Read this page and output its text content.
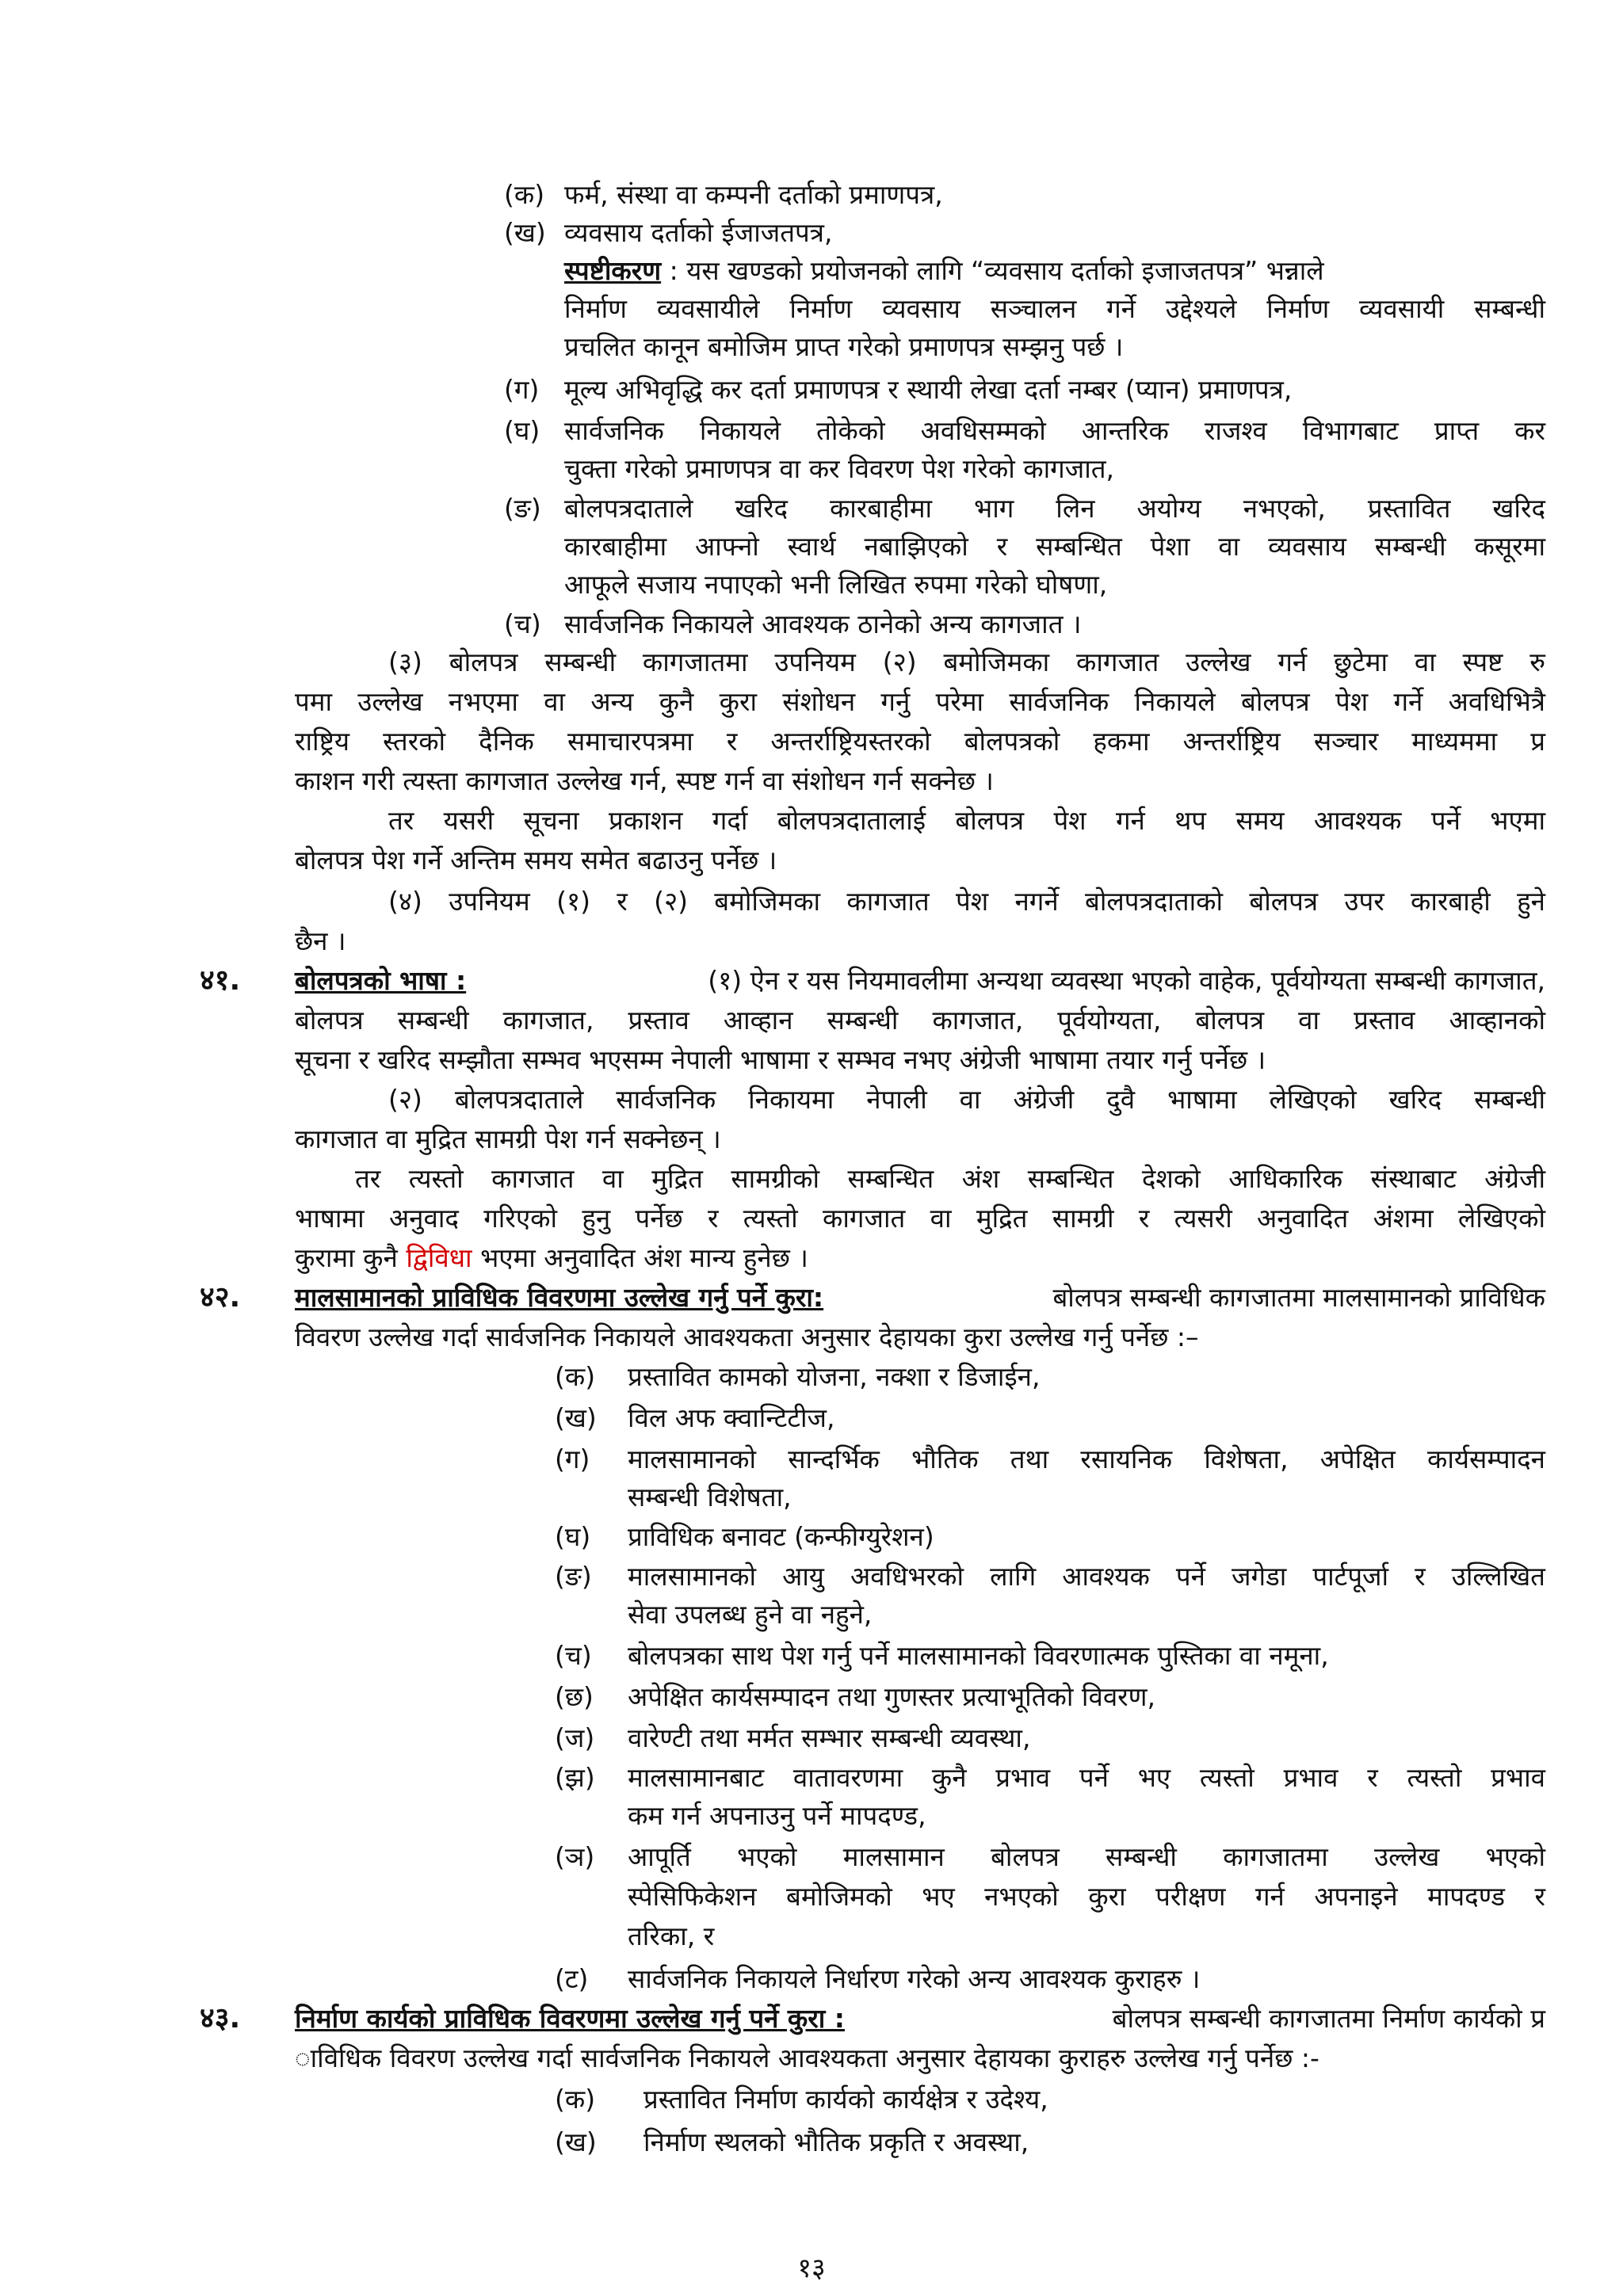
(क) फर्म, संस्था वा कम्पनी दर्ताको प्रमाणपत्र,
(ख) व्यवसाय दर्ताको ईजाजतपत्र,
स्पष्टीकरण : यस खण्डको प्रयोजनको लागि “व्यवसाय दर्ताको इजाजतपत्र” भन्नाले
निर्माण व्यवसायीले निर्माण व्यवसाय सञ्चालन गर्ने उद्देश्यले निर्माण व्यवसायी सम्बन्धी
प्रचलित कानून बमोजिम प्राप्त गरेको प्रमाणपत्र सम्झनु पर्छ ।
(ग) मूल्य अभिवृद्धि कर दर्ता प्रमाणपत्र र स्थायी लेखा दर्ता नम्बर (प्यान) प्रमाणपत्र,
(घ) सार्वजनिक निकायले तोकेको अवधिसम्मको आन्तरिक राजश्व विभागबाट प्राप्त कर
चुक्ता गरेको प्रमाणपत्र वा कर विवरण पेश गरेको कागजात,
(ङ) बोलपत्रदाताले खरिद कारबाहीमा भाग लिन अयोग्य नभएको, प्रस्तावित खरिद
कारबाहीमा आफ्नो स्वार्थ नबाझिएको र सम्बन्धित पेशा वा व्यवसाय सम्बन्धी कसूरमा
आफूले सजाय नपाएको भनी लिखित रुपमा गरेको घोषणा,
(च) सार्वजनिक निकायले आवश्यक ठानेको अन्य कागजात ।
(३) बोलपत्र सम्बन्धी कागजातमा उपनियम (२) बमोजिमका कागजात उल्लेख गर्न छुटेमा वा स्पष्ट रु
पमा उल्लेख नभएमा वा अन्य कुनै कुरा संशोधन गर्नु परेमा सार्वजनिक निकायले बोलपत्र पेश गर्ने अवधिभित्रै
राष्ट्रिय स्तरको दैनिक समाचारपत्रमा र अन्तर्राष्ट्रियस्तरको बोलपत्रको हकमा अन्तर्राष्ट्रिय सञ्चार माध्यममा प्र
काशन गरी त्यस्ता कागजात उल्लेख गर्न, स्पष्ट गर्न वा संशोधन गर्न सक्नेछ ।
तर यसरी सूचना प्रकाशन गर्दा बोलपत्रदातालाई बोलपत्र पेश गर्न थप समय आवश्यक पर्ने भएमा
बोलपत्र पेश गर्ने अन्तिम समय समेत बढाउनु पर्नेछ ।
(४) उपनियम (१) र (२) बमोजिमका कागजात पेश नगर्ने बोलपत्रदाताको बोलपत्र उपर कारबाही हुने
छैन ।
४१. बोलपत्रको भाषा :	(१) ऐन र यस नियमावलीमा अन्यथा व्यवस्था भएको वाहेक, पूर्वयोग्यता सम्बन्धी कागजात,
बोलपत्र सम्बन्धी कागजात, प्रस्ताव आव्हान सम्बन्धी कागजात, पूर्वयोग्यता, बोलपत्र वा प्रस्ताव आव्हानको
सूचना र खरिद सम्झौता सम्भव भएसम्म नेपाली भाषामा र सम्भव नभए अंग्रेजी भाषामा तयार गर्नु पर्नेछ ।
(२) बोलपत्रदाताले सार्वजनिक निकायमा नेपाली वा अंग्रेजी दुवै भाषामा लेखिएको खरिद सम्बन्धी
कागजात वा मुद्रित सामग्री पेश गर्न सक्नेछन् ।
तर त्यस्तो कागजात वा मुद्रित सामग्रीको सम्बन्धित अंश सम्बन्धित देशको आधिकारिक संस्थाबाट अंग्रेजी
भाषामा अनुवाद गरिएको हुनु पर्नेछ र त्यस्तो कागजात वा मुद्रित सामग्री र त्यसरी अनुवादित अंशमा लेखिएको
कुरामा कुनै द्विविधा भएमा अनुवादित अंश मान्य हुनेछ ।
४२. मालसामानको प्राविधिक विवरणमा उल्लेख गर्नु पर्ने कुरा:	बोलपत्र सम्बन्धी कागजातमा मालसामानको प्राविधिक
विवरण उल्लेख गर्दा सार्वजनिक निकायले आवश्यकता अनुसार देहायका कुरा उल्लेख गर्नु पर्नेछ :–
(क) प्रस्तावित कामको योजना, नक्शा र डिजाईन,
(ख) विल अफ क्वान्टिटीज,
(ग) मालसामानको सान्दर्भिक भौतिक तथा रसायनिक विशेषता, अपेक्षित कार्यसम्पादन
सम्बन्धी विशेषता,
(घ) प्राविधिक बनावट (कन्फीग्युरेशन)
(ङ) मालसामानको आयु अवधिभरको लागि आवश्यक पर्ने जगेडा पार्टपूर्जा र उल्लिखित
सेवा उपलब्ध हुने वा नहुने,
(च) बोलपत्रका साथ पेश गर्नु पर्ने मालसामानको विवरणात्मक पुस्तिका वा नमूना,
(छ) अपेक्षित कार्यसम्पादन तथा गुणस्तर प्रत्याभूतिको विवरण,
(ज) वारेण्टी तथा मर्मत सम्भार सम्बन्धी व्यवस्था,
(झ) मालसामानबाट वातावरणमा कुनै प्रभाव पर्ने भए त्यस्तो प्रभाव र त्यस्तो प्रभाव
कम गर्न अपनाउनु पर्ने मापदण्ड,
(ञ) आपूर्ति भएको मालसामान बोलपत्र सम्बन्धी कागजातमा उल्लेख भएको
स्पेसिफिकेशन बमोजिमको भए नभएको कुरा परीक्षण गर्न अपनाइने मापदण्ड र
तरिका, र
(ट) सार्वजनिक निकायले निर्धारण गरेको अन्य आवश्यक कुराहरु ।
४३. निर्माण कार्यको प्राविधिक विवरणमा उल्लेख गर्नु पर्ने कुरा :	बोलपत्र सम्बन्धी कागजातमा निर्माण कार्यको प्र
ाविधिक विवरण उल्लेख गर्दा सार्वजनिक निकायले आवश्यकता अनुसार देहायका कुराहरु उल्लेख गर्नु पर्नेछ :-
(क) प्रस्तावित निर्माण कार्यको कार्यक्षेत्र र उदेश्य,
(ख) निर्माण स्थलको भौतिक प्रकृति र अवस्था,
१३
